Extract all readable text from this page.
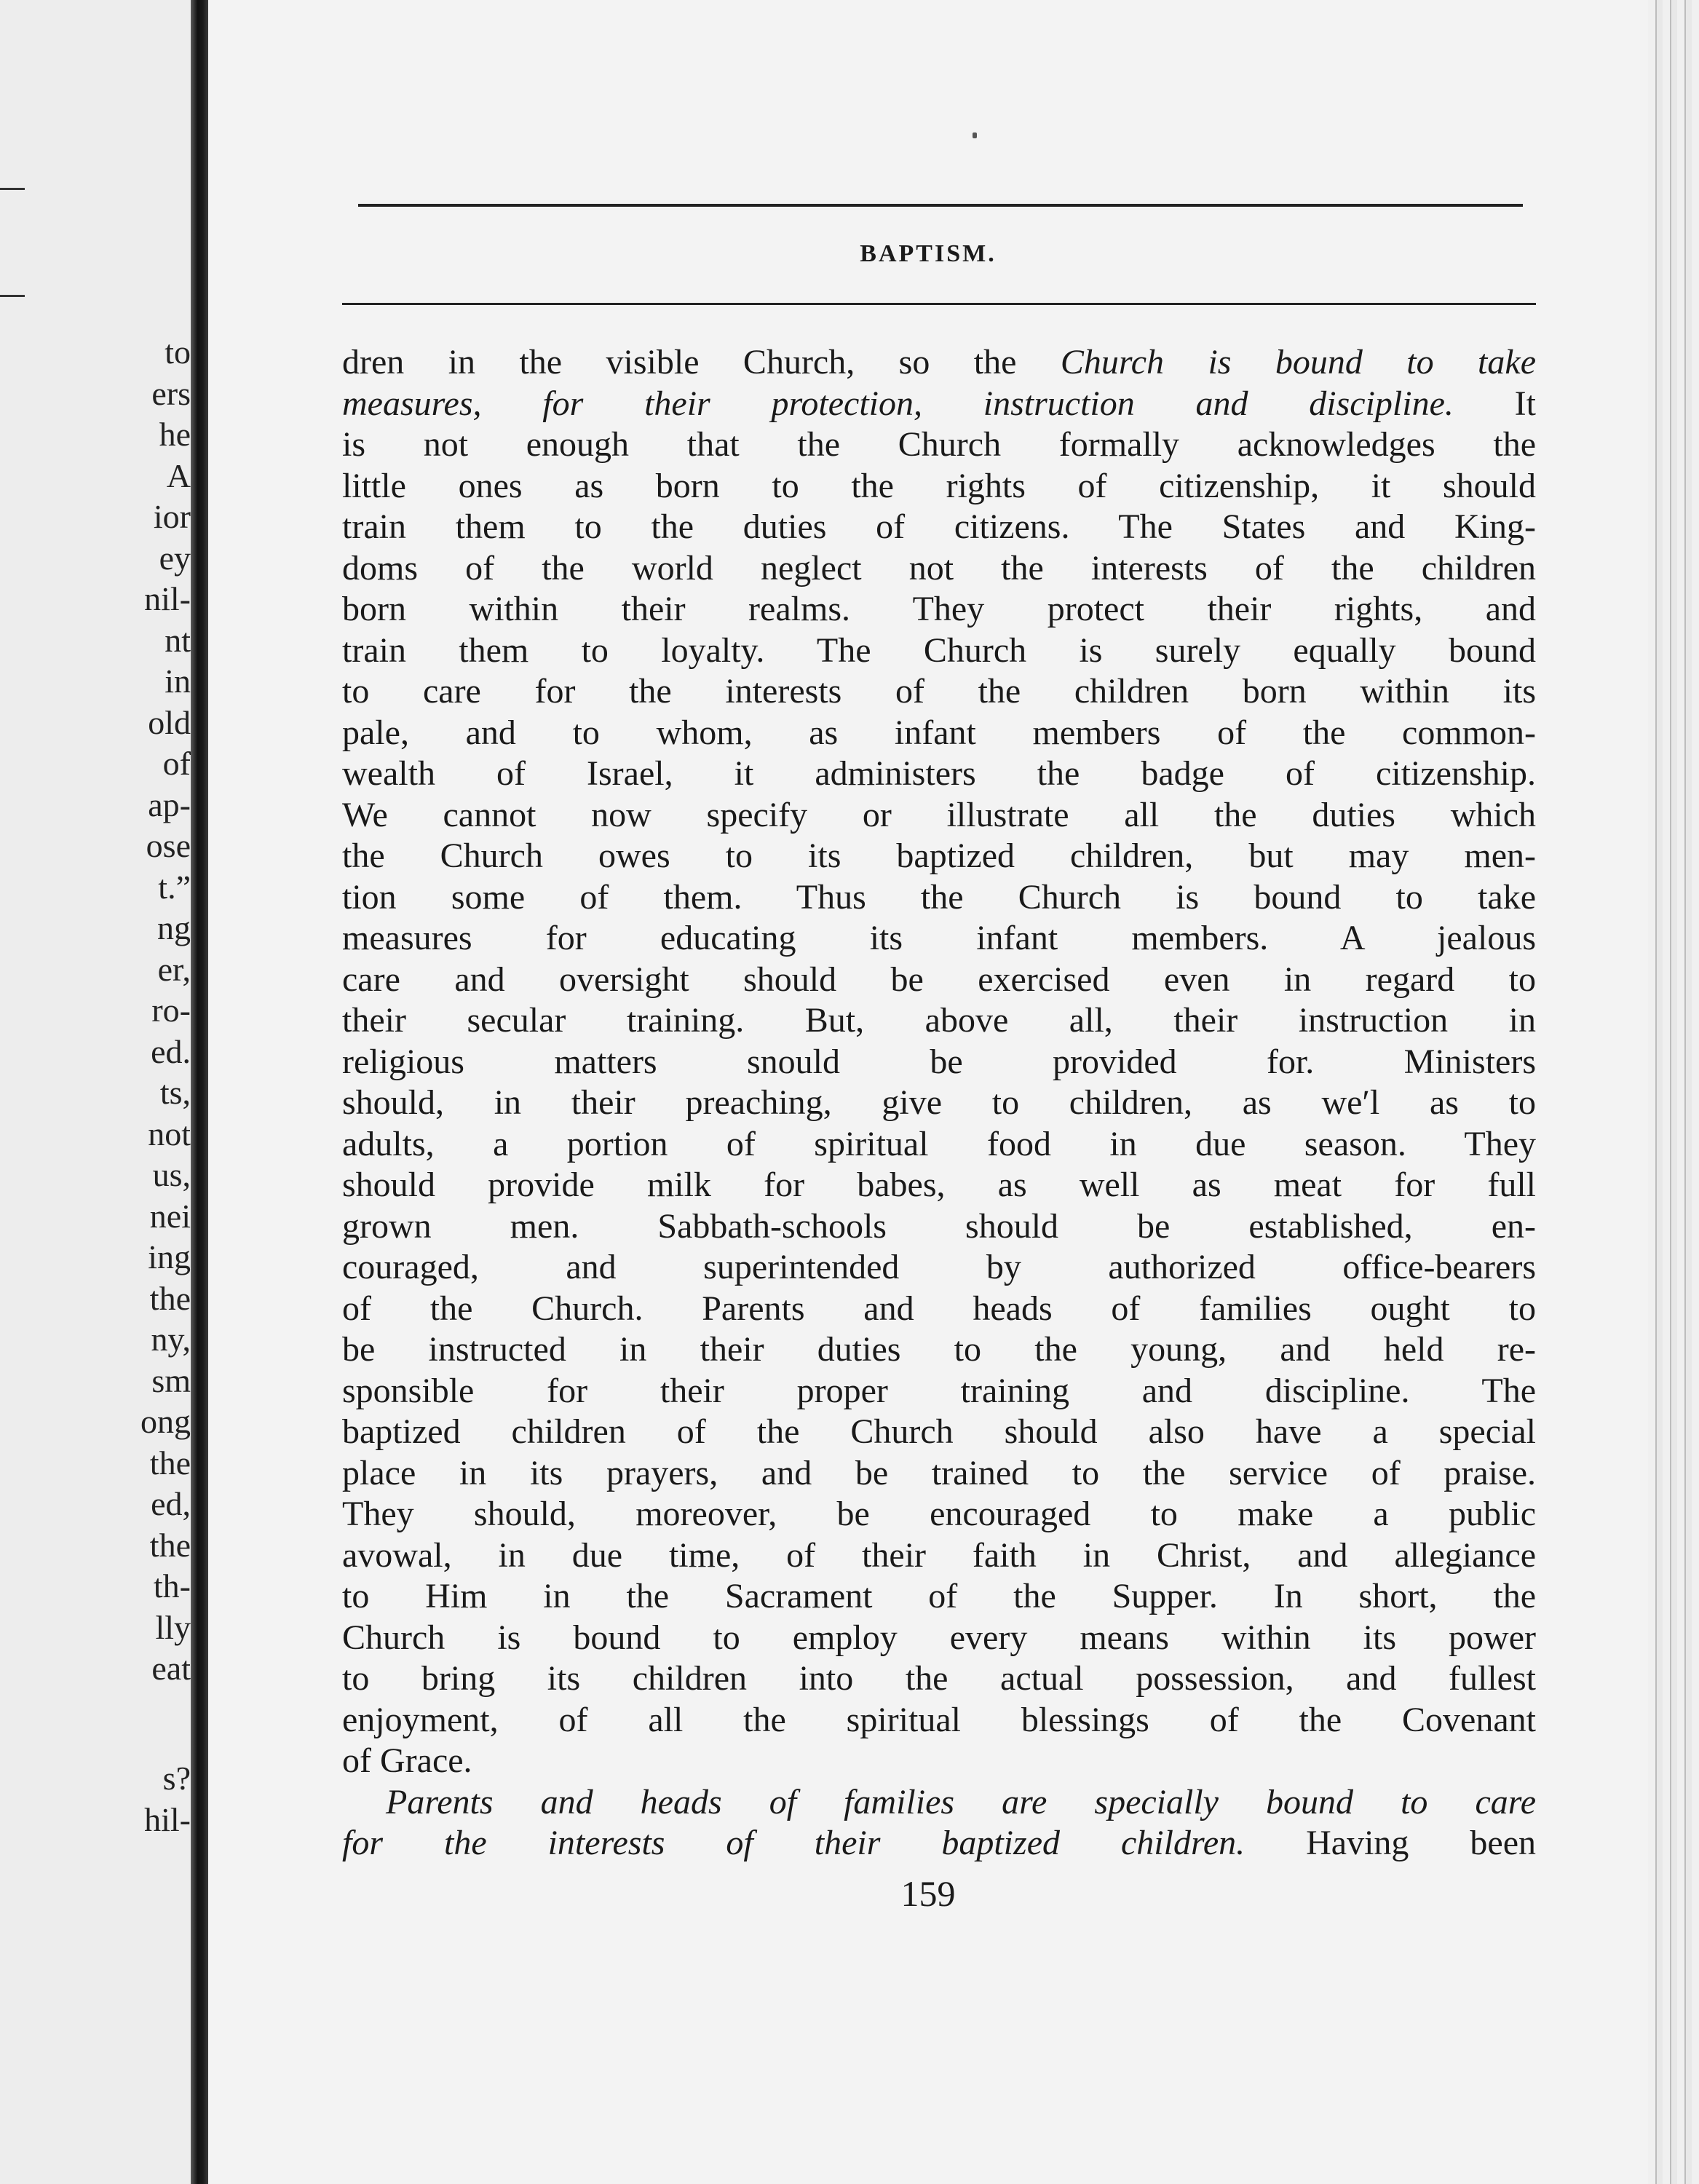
to
ers
he
A
ior
ey
nil-
nt
in
old
of
ap-
ose
t.”
ng
er,
ro-
ed.
ts,
not
us,
nei
ing
the
ny,
sm
ong
the
ed,
the
th-
lly
eat
s?
hil-
BAPTISM.
dren in the visible Church, so the Church is bound to take
measures, for their protection, instruction and discipline. It
is not enough that the Church formally acknowledges the
little ones as born to the rights of citizenship, it should
train them to the duties of citizens. The States and King-
doms of the world neglect not the interests of the children
born within their realms. They protect their rights, and
train them to loyalty. The Church is surely equally bound
to care for the interests of the children born within its
pale, and to whom, as infant members of the common-
wealth of Israel, it administers the badge of citizenship.
We cannot now specify or illustrate all the duties which
the Church owes to its baptized children, but may men-
tion some of them. Thus the Church is bound to take
measures for educating its infant members. A jealous
care and oversight should be exercised even in regard to
their secular training. But, above all, their instruction in
religious matters snould be provided for. Ministers
should, in their preaching, give to children, as weʹl as to
adults, a portion of spiritual food in due season. They
should provide milk for babes, as well as meat for full
grown men. Sabbath-schools should be established, en-
couraged, and superintended by authorized office-bearers
of the Church. Parents and heads of families ought to
be instructed in their duties to the young, and held re-
sponsible for their proper training and discipline. The
baptized children of the Church should also have a special
place in its prayers, and be trained to the service of praise.
They should, moreover, be encouraged to make a public
avowal, in due time, of their faith in Christ, and allegiance
to Him in the Sacrament of the Supper. In short, the
Church is bound to employ every means within its power
to bring its children into the actual possession, and fullest
enjoyment, of all the spiritual blessings of the Covenant
of Grace.
Parents and heads of families are specially bound to care
for the interests of their baptized children. Having been
159
